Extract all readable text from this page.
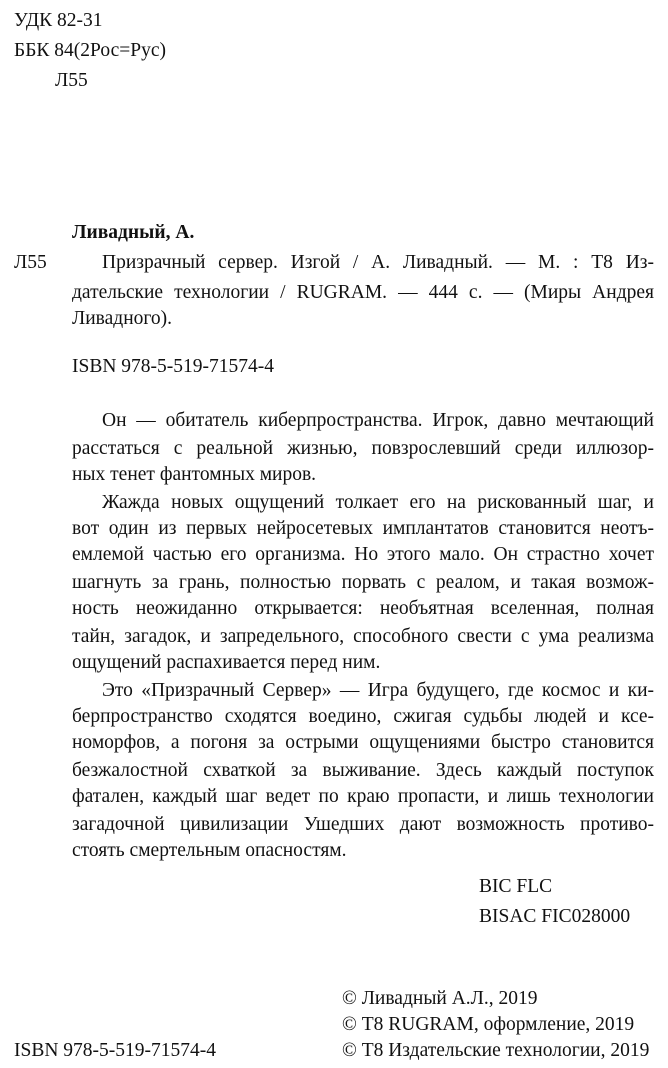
УДК 82-31
ББК 84(2Рос=Рус)
Л55
Ливадный, А.
Л55	Призрачный сервер. Изгой / А. Ливадный. — М. : Т8 Из-
дательские технологии / RUGRAM. — 444 с. — (Миры Андрея
Ливадного).
ISBN 978-5-519-71574-4
Он — обитатель киберпространства. Игрок, давно мечтающий
расстаться с реальной жизнью, повзрослевший среди иллюзор-
ных тенет фантомных миров.
Жажда новых ощущений толкает его на рискованный шаг, и
вот один из первых нейросетевых имплантатов становится неотъ-
емлемой частью его организма. Но этого мало. Он страстно хочет
шагнуть за грань, полностью порвать с реалом, и такая возмож-
ность неожиданно открывается: необъятная вселенная, полная
тайн, загадок, и запредельного, способного свести с ума реализма
ощущений распахивается перед ним.
Это «Призрачный Сервер» — Игра будущего, где космос и ки-
берпространство сходятся воедино, сжигая судьбы людей и ксе-
номорфов, а погоня за острыми ощущениями быстро становится
безжалостной схваткой за выживание. Здесь каждый поступок
фатален, каждый шаг ведет по краю пропасти, и лишь технологии
загадочной цивилизации Ушедших дают возможность противо-
стоять смертельным опасностям.
BIC FLC
BISAC FIC028000
© Ливадный А.Л., 2019
© Т8 RUGRAM, оформление, 2019
© Т8 Издательские технологии, 2019
ISBN 978-5-519-71574-4
